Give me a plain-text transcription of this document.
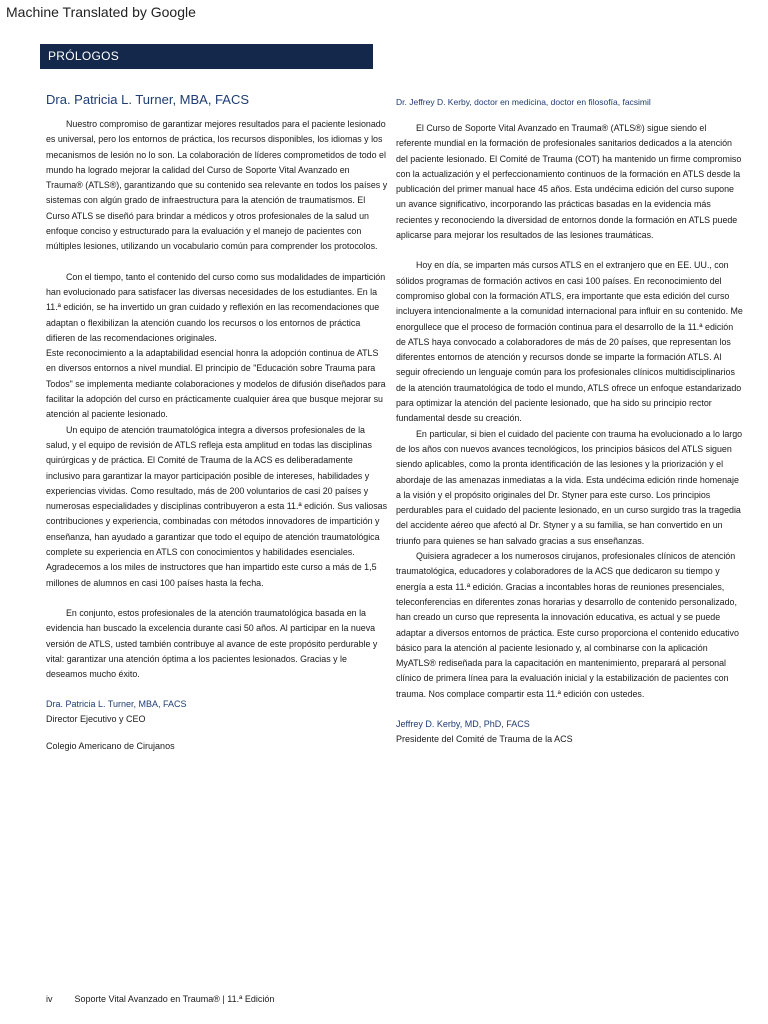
Machine Translated by Google
PRÓLOGOS
Dra. Patricia L. Turner, MBA, FACS

Nuestro compromiso de garantizar mejores resultados para el paciente lesionado es universal, pero los entornos de práctica, los recursos disponibles, los idiomas y los mecanismos de lesión no lo son. La colaboración de líderes comprometidos de todo el mundo ha logrado mejorar la calidad del Curso de Soporte Vital Avanzado en Trauma® (ATLS®), garantizando que su contenido sea relevante en todos los países y sistemas con algún grado de infraestructura para la atención de traumatismos. El Curso ATLS se diseñó para brindar a médicos y otros profesionales de la salud un enfoque conciso y estructurado para la evaluación y el manejo de pacientes con múltiples lesiones, utilizando un vocabulario común para comprender los protocolos.

Con el tiempo, tanto el contenido del curso como sus modalidades de impartición han evolucionado para satisfacer las diversas necesidades de los estudiantes. En la 11.ª edición, se ha invertido un gran cuidado y reflexión en las recomendaciones que adaptan o flexibilizan la atención cuando los recursos o los entornos de práctica difieren de las recomendaciones originales.

Este reconocimiento a la adaptabilidad esencial honra la adopción continua de ATLS en diversos entornos a nivel mundial. El principio de "Educación sobre Trauma para Todos" se implementa mediante colaboraciones y modelos de difusión diseñados para facilitar la adopción del curso en prácticamente cualquier área que busque mejorar su atención al paciente lesionado.

Un equipo de atención traumatológica integra a diversos profesionales de la salud, y el equipo de revisión de ATLS refleja esta amplitud en todas las disciplinas quirúrgicas y de práctica. El Comité de Trauma de la ACS es deliberadamente inclusivo para garantizar la mayor participación posible de intereses, habilidades y experiencias vividas. Como resultado, más de 200 voluntarios de casi 20 países y numerosas especialidades y disciplinas contribuyeron a esta 11.ª edición. Sus valiosas contribuciones y experiencia, combinadas con métodos innovadores de impartición y enseñanza, han ayudado a garantizar que todo el equipo de atención traumatológica complete su experiencia en ATLS con conocimientos y habilidades esenciales. Agradecemos a los miles de instructores que han impartido este curso a más de 1,5 millones de alumnos en casi 100 países hasta la fecha.

En conjunto, estos profesionales de la atención traumatológica basada en la evidencia han buscado la excelencia durante casi 50 años. Al participar en la nueva versión de ATLS, usted también contribuye al avance de este propósito perdurable y vital: garantizar una atención óptima a los pacientes lesionados. Gracias y le deseamos mucho éxito.

Dra. Patricia L. Turner, MBA, FACS
Director Ejecutivo y CEO
Colegio Americano de Cirujanos
Dr. Jeffrey D. Kerby, doctor en medicina, doctor en filosofía, facsimil

El Curso de Soporte Vital Avanzado en Trauma® (ATLS®) sigue siendo el referente mundial en la formación de profesionales sanitarios dedicados a la atención del paciente lesionado. El Comité de Trauma (COT) ha mantenido un firme compromiso con la actualización y el perfeccionamiento continuos de la formación en ATLS desde la publicación del primer manual hace 45 años. Esta undécima edición del curso supone un avance significativo, incorporando las prácticas basadas en la evidencia más recientes y reconociendo la diversidad de entornos donde la formación en ATLS puede aplicarse para mejorar los resultados de las lesiones traumáticas.

Hoy en día, se imparten más cursos ATLS en el extranjero que en EE. UU., con sólidos programas de formación activos en casi 100 países. En reconocimiento del compromiso global con la formación ATLS, era importante que esta edición del curso incluyera intencionalmente a la comunidad internacional para influir en su contenido. Me enorgullece que el proceso de formación continua para el desarrollo de la 11.ª edición de ATLS haya convocado a colaboradores de más de 20 países, que representan los diferentes entornos de atención y recursos donde se imparte la formación ATLS. Al seguir ofreciendo un lenguaje común para los profesionales clínicos multidisciplinarios de la atención traumatológica de todo el mundo, ATLS ofrece un enfoque estandarizado para optimizar la atención del paciente lesionado, que ha sido su principio rector fundamental desde su creación.

En particular, si bien el cuidado del paciente con trauma ha evolucionado a lo largo de los años con nuevos avances tecnológicos, los principios básicos del ATLS siguen siendo aplicables, como la pronta identificación de las lesiones y la priorización y el abordaje de las amenazas inmediatas a la vida. Esta undécima edición rinde homenaje a la visión y el propósito originales del Dr. Styner para este curso. Los principios perdurables para el cuidado del paciente lesionado, en un curso surgido tras la tragedia del accidente aéreo que afectó al Dr. Styner y a su familia, se han convertido en un triunfo para quienes se han salvado gracias a sus enseñanzas.

Quisiera agradecer a los numerosos cirujanos, profesionales clínicos de atención traumatológica, educadores y colaboradores de la ACS que dedicaron su tiempo y energía a esta 11.ª edición. Gracias a incontables horas de reuniones presenciales, teleconferencias en diferentes zonas horarias y desarrollo de contenido personalizado, han creado un curso que representa la innovación educativa, es actual y se puede adaptar a diversos entornos de práctica. Este curso proporciona el contenido educativo básico para la atención al paciente lesionado y, al combinarse con la aplicación MyATLS® rediseñada para la capacitación en mantenimiento, preparará al personal clínico de primera línea para la evaluación inicial y la estabilización de pacientes con trauma. Nos complace compartir esta 11.ª edición con ustedes.

Jeffrey D. Kerby, MD, PhD, FACS
Presidente del Comité de Trauma de la ACS
iv Soporte Vital Avanzado en Trauma® | 11.ª Edición
